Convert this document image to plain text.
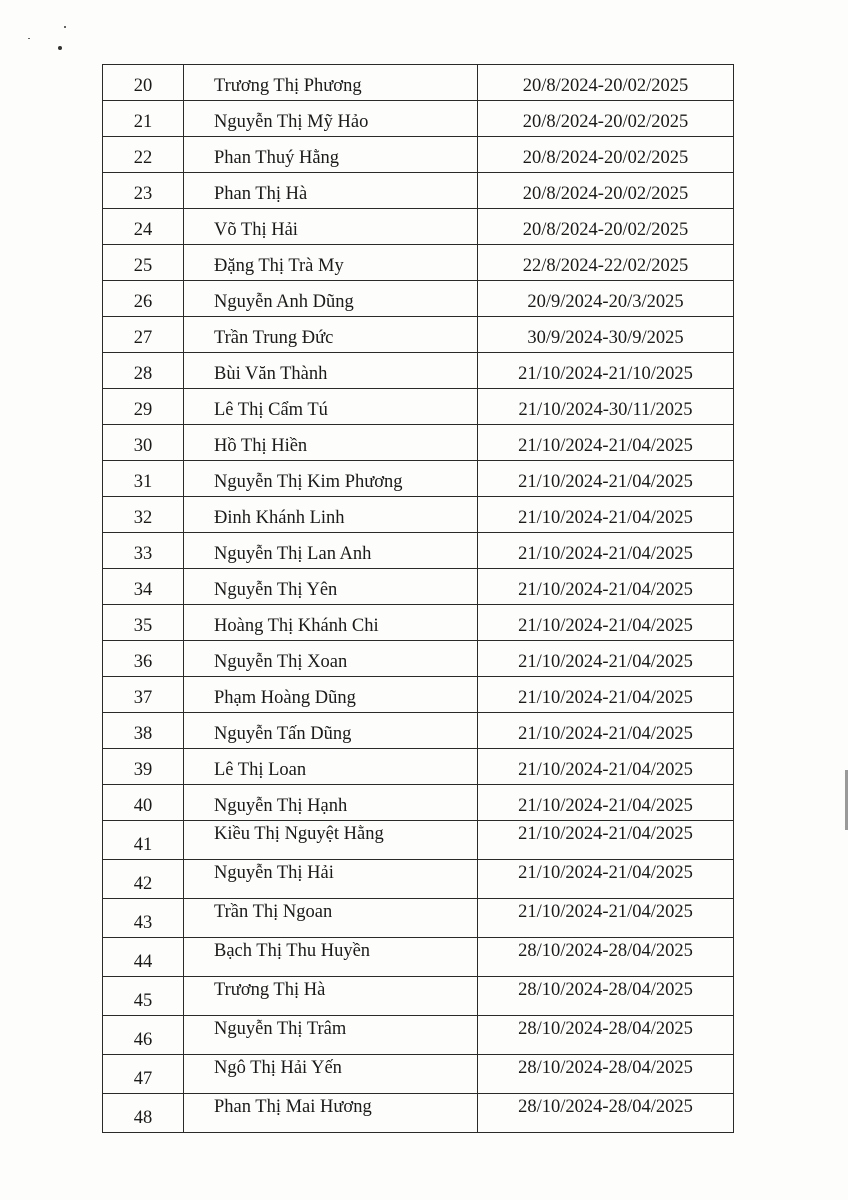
20	Trương Thị Phương	20/8/2024-20/02/2025
21	Nguyễn Thị Mỹ Hảo	20/8/2024-20/02/2025
22	Phan Thuý Hằng	20/8/2024-20/02/2025
23	Phan Thị Hà	20/8/2024-20/02/2025
24	Võ Thị Hải	20/8/2024-20/02/2025
25	Đặng Thị Trà My	22/8/2024-22/02/2025
26	Nguyễn Anh Dũng	20/9/2024-20/3/2025
27	Trần Trung Đức	30/9/2024-30/9/2025
28	Bùi Văn Thành	21/10/2024-21/10/2025
29	Lê Thị Cẩm Tú	21/10/2024-30/11/2025
30	Hồ Thị Hiền	21/10/2024-21/04/2025
31	Nguyễn Thị Kim Phương	21/10/2024-21/04/2025
32	Đinh Khánh Linh	21/10/2024-21/04/2025
33	Nguyễn Thị Lan Anh	21/10/2024-21/04/2025
34	Nguyễn Thị Yên	21/10/2024-21/04/2025
35	Hoàng Thị Khánh Chi	21/10/2024-21/04/2025
36	Nguyễn Thị Xoan	21/10/2024-21/04/2025
37	Phạm Hoàng Dũng	21/10/2024-21/04/2025
38	Nguyễn Tấn Dũng	21/10/2024-21/04/2025
39	Lê Thị Loan	21/10/2024-21/04/2025
40	Nguyễn Thị Hạnh	21/10/2024-21/04/2025
41	Kiều Thị Nguyệt Hằng	21/10/2024-21/04/2025
42	Nguyễn Thị Hải	21/10/2024-21/04/2025
43	Trần Thị Ngoan	21/10/2024-21/04/2025
44	Bạch Thị Thu Huyền	28/10/2024-28/04/2025
45	Trương Thị Hà	28/10/2024-28/04/2025
46	Nguyễn Thị Trâm	28/10/2024-28/04/2025
47	Ngô Thị Hải Yến	28/10/2024-28/04/2025
48	Phan Thị Mai Hương	28/10/2024-28/04/2025
